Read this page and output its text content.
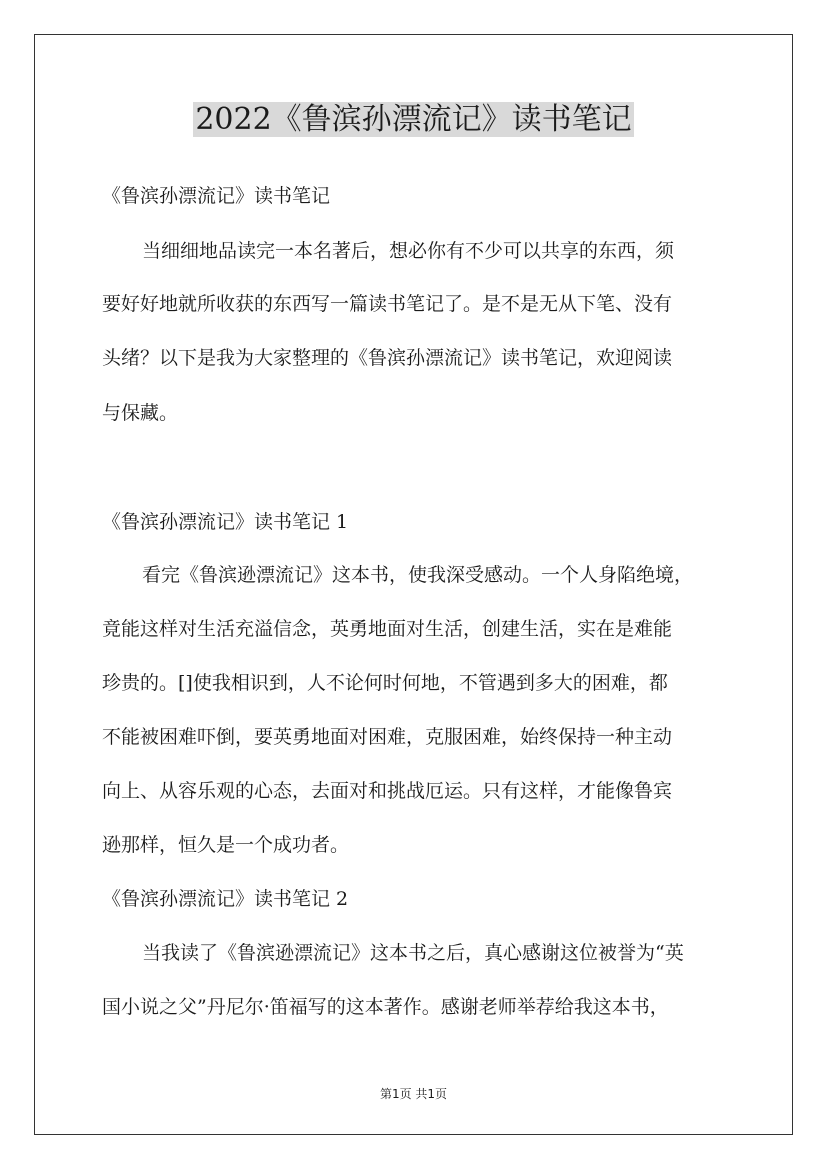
2022《鲁滨孙漂流记》读书笔记
《鲁滨孙漂流记》读书笔记
当细细地品读完一本名著后，想必你有不少可以共享的东西，须
要好好地就所收获的东西写一篇读书笔记了。是不是无从下笔、没有
头绪？以下是我为大家整理的《鲁滨孙漂流记》读书笔记，欢迎阅读
与保藏。
《鲁滨孙漂流记》读书笔记 1
看完《鲁滨逊漂流记》这本书，使我深受感动。一个人身陷绝境，
竟能这样对生活充溢信念，英勇地面对生活，创建生活，实在是难能
珍贵的。[]使我相识到，人不论何时何地，不管遇到多大的困难，都
不能被困难吓倒，要英勇地面对困难，克服困难，始终保持一种主动
向上、从容乐观的心态，去面对和挑战厄运。只有这样，才能像鲁宾
逊那样，恒久是一个成功者。
《鲁滨孙漂流记》读书笔记 2
当我读了《鲁滨逊漂流记》这本书之后，真心感谢这位被誉为“英
国小说之父”丹尼尔·笛福写的这本著作。感谢老师举荐给我这本书，
第1页 共1页
